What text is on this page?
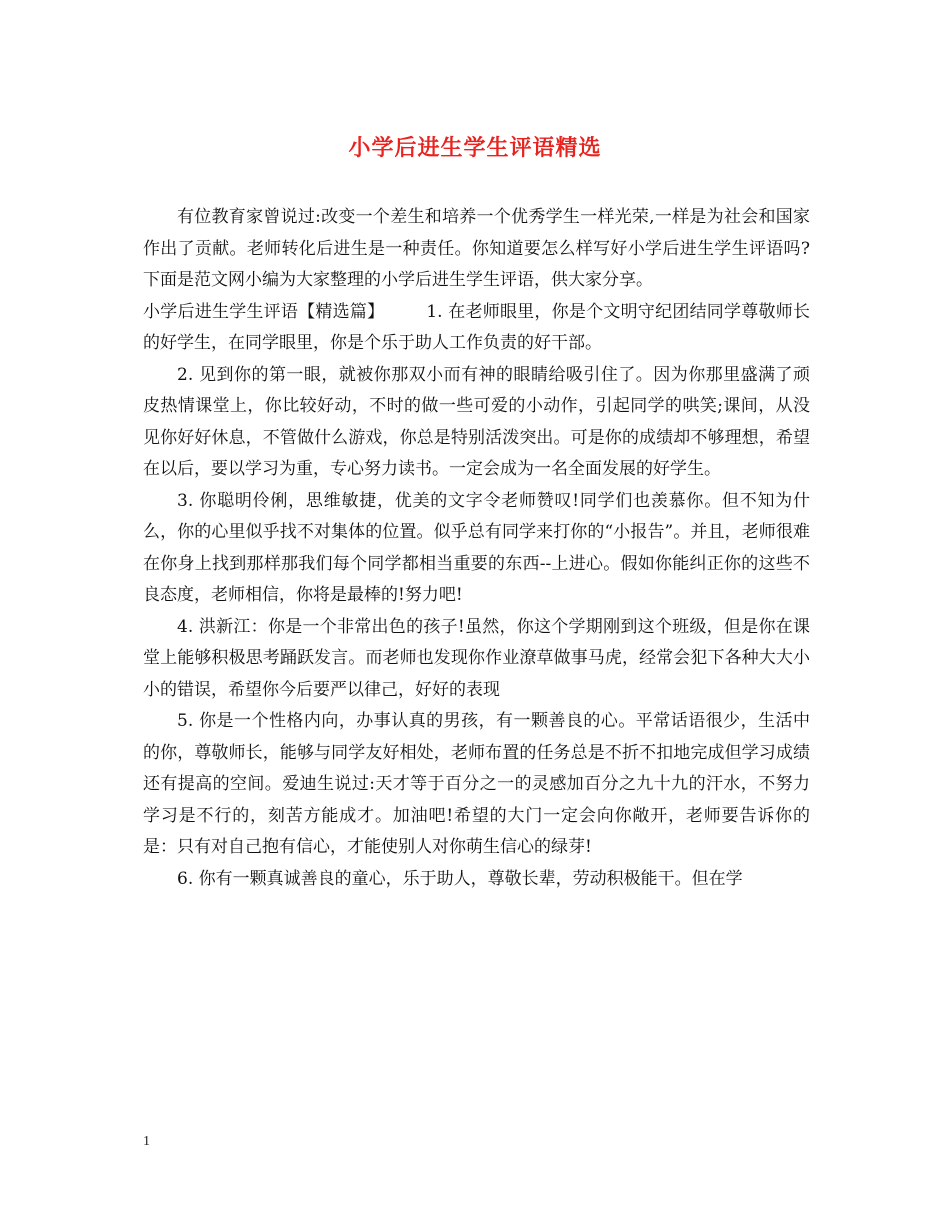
小学后进生学生评语精选

有位教育家曾说过:改变一个差生和培养一个优秀学生一样光荣,一样是为社会和国家作出了贡献。老师转化后进生是一种责任。你知道要怎么样写好小学后进生学生评语吗?下面是范文网小编为大家整理的小学后进生学生评语，供大家分享。

小学后进生学生评语【精选篇】 1. 在老师眼里，你是个文明守纪团结同学尊敬师长的好学生，在同学眼里，你是个乐于助人工作负责的好干部。

2. 见到你的第一眼，就被你那双小而有神的眼睛给吸引住了。因为你那里盛满了顽皮热情课堂上，你比较好动，不时的做一些可爱的小动作，引起同学的哄笑;课间，从没见你好好休息，不管做什么游戏，你总是特别活泼突出。可是你的成绩却不够理想，希望在以后，要以学习为重，专心努力读书。一定会成为一名全面发展的好学生。

3. 你聪明伶俐，思维敏捷，优美的文字令老师赞叹!同学们也羡慕你。但不知为什么，你的心里似乎找不对集体的位置。似乎总有同学来打你的“小报告”。并且，老师很难在你身上找到那样那我们每个同学都相当重要的东西--上进心。假如你能纠正你的这些不良态度，老师相信，你将是最棒的!努力吧!

4. 洪新江：你是一个非常出色的孩子!虽然，你这个学期刚到这个班级，但是你在课堂上能够积极思考踊跃发言。而老师也发现你作业潦草做事马虎，经常会犯下各种大大小小的错误，希望你今后要严以律己，好好的表现

5. 你是一个性格内向，办事认真的男孩，有一颗善良的心。平常话语很少，生活中的你，尊敬师长，能够与同学友好相处，老师布置的任务总是不折不扣地完成但学习成绩还有提高的空间。爱迪生说过:天才等于百分之一的灵感加百分之九十九的汗水，不努力学习是不行的，刻苦方能成才。加油吧!希望的大门一定会向你敞开，老师要告诉你的是：只有对自己抱有信心，才能使别人对你萌生信心的绿芽!

6. 你有一颗真诚善良的童心，乐于助人，尊敬长辈，劳动积极能干。但在学

1
